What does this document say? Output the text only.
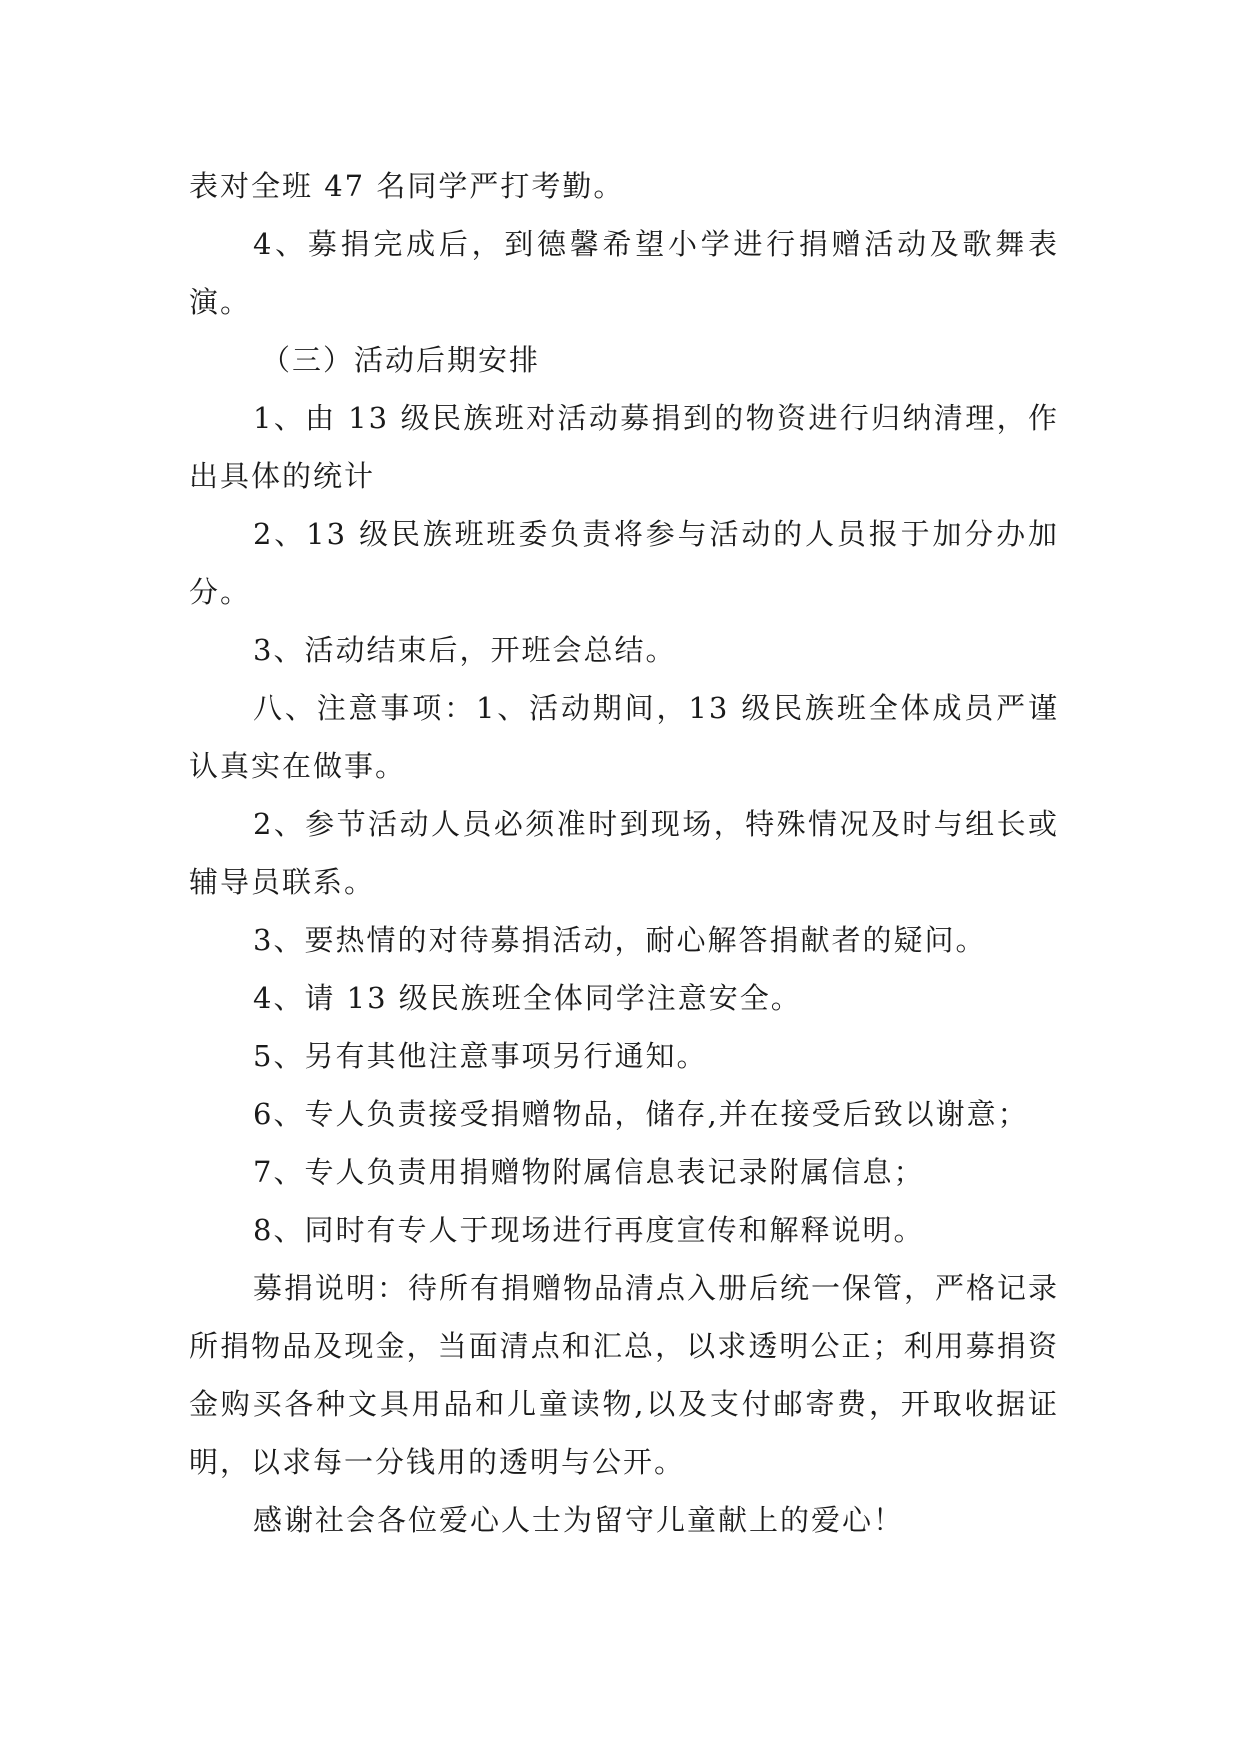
表对全班 47 名同学严打考勤。

4、募捐完成后，到德馨希望小学进行捐赠活动及歌舞表演。

（三）活动后期安排

1、由 13 级民族班对活动募捐到的物资进行归纳清理，作出具体的统计

2、13 级民族班班委负责将参与活动的人员报于加分办加分。

3、活动结束后，开班会总结。

八、注意事项：1、活动期间，13 级民族班全体成员严谨认真实在做事。

2、参节活动人员必须准时到现场，特殊情况及时与组长或辅导员联系。

3、要热情的对待募捐活动，耐心解答捐献者的疑问。

4、请 13 级民族班全体同学注意安全。

5、另有其他注意事项另行通知。

6、专人负责接受捐赠物品，储存,并在接受后致以谢意；

7、专人负责用捐赠物附属信息表记录附属信息；

8、同时有专人于现场进行再度宣传和解释说明。

募捐说明：待所有捐赠物品清点入册后统一保管，严格记录所捐物品及现金，当面清点和汇总，以求透明公正；利用募捐资金购买各种文具用品和儿童读物,以及支付邮寄费，开取收据证明，以求每一分钱用的透明与公开。

感谢社会各位爱心人士为留守儿童献上的爱心！
